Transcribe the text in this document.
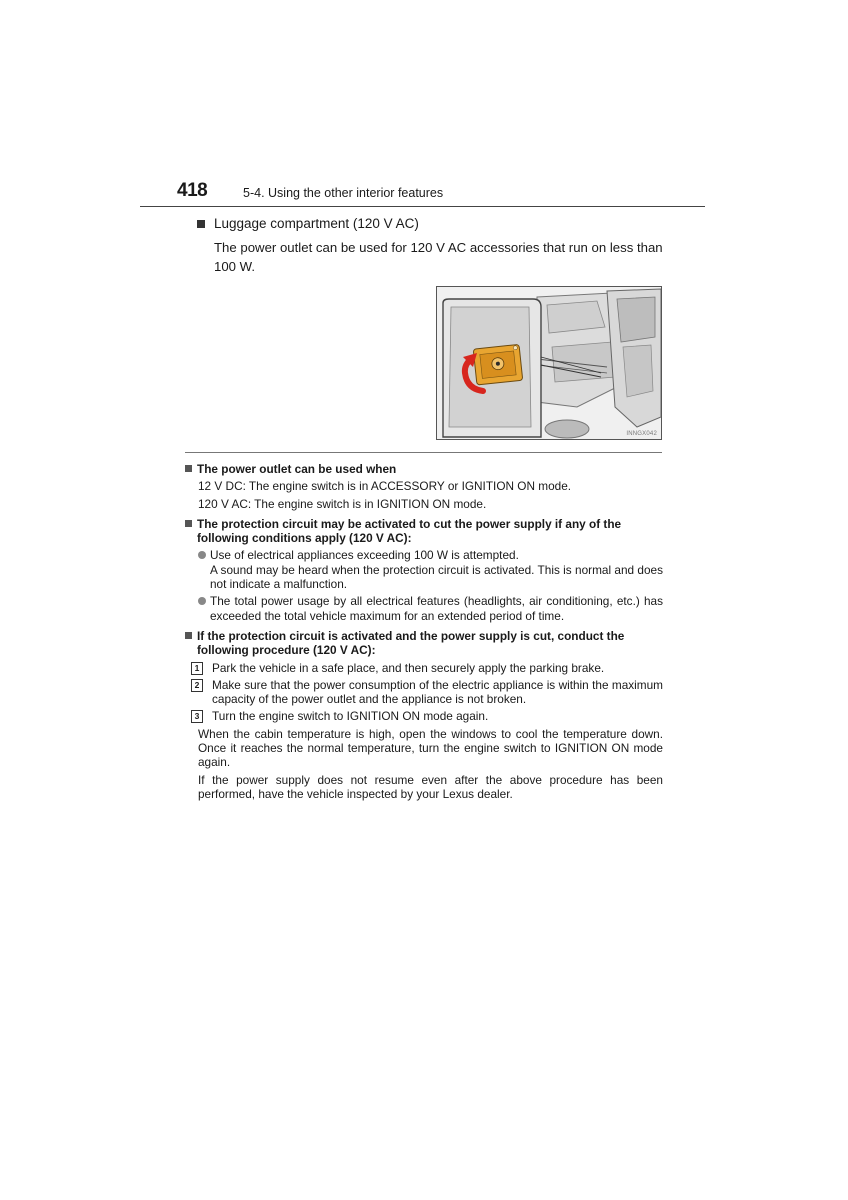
418	5-4. Using the other interior features
Luggage compartment (120 V AC)
The power outlet can be used for 120 V AC accessories that run on less than 100 W.
INNGX042
The power outlet can be used when
12 V DC: The engine switch is in ACCESSORY or IGNITION ON mode.
120 V AC: The engine switch is in IGNITION ON mode.
The protection circuit may be activated to cut the power supply if any of the following conditions apply (120 V AC):
Use of electrical appliances exceeding 100 W is attempted.
A sound may be heard when the protection circuit is activated. This is normal and does not indicate a malfunction.
The total power usage by all electrical features (headlights, air conditioning, etc.) has exceeded the total vehicle maximum for an extended period of time.
If the protection circuit is activated and the power supply is cut, conduct the following procedure (120 V AC):
1	Park the vehicle in a safe place, and then securely apply the parking brake.
2	Make sure that the power consumption of the electric appliance is within the maximum capacity of the power outlet and the appliance is not broken.
3	Turn the engine switch to IGNITION ON mode again.
When the cabin temperature is high, open the windows to cool the temperature down. Once it reaches the normal temperature, turn the engine switch to IGNITION ON mode again.
If the power supply does not resume even after the above procedure has been performed, have the vehicle inspected by your Lexus dealer.
